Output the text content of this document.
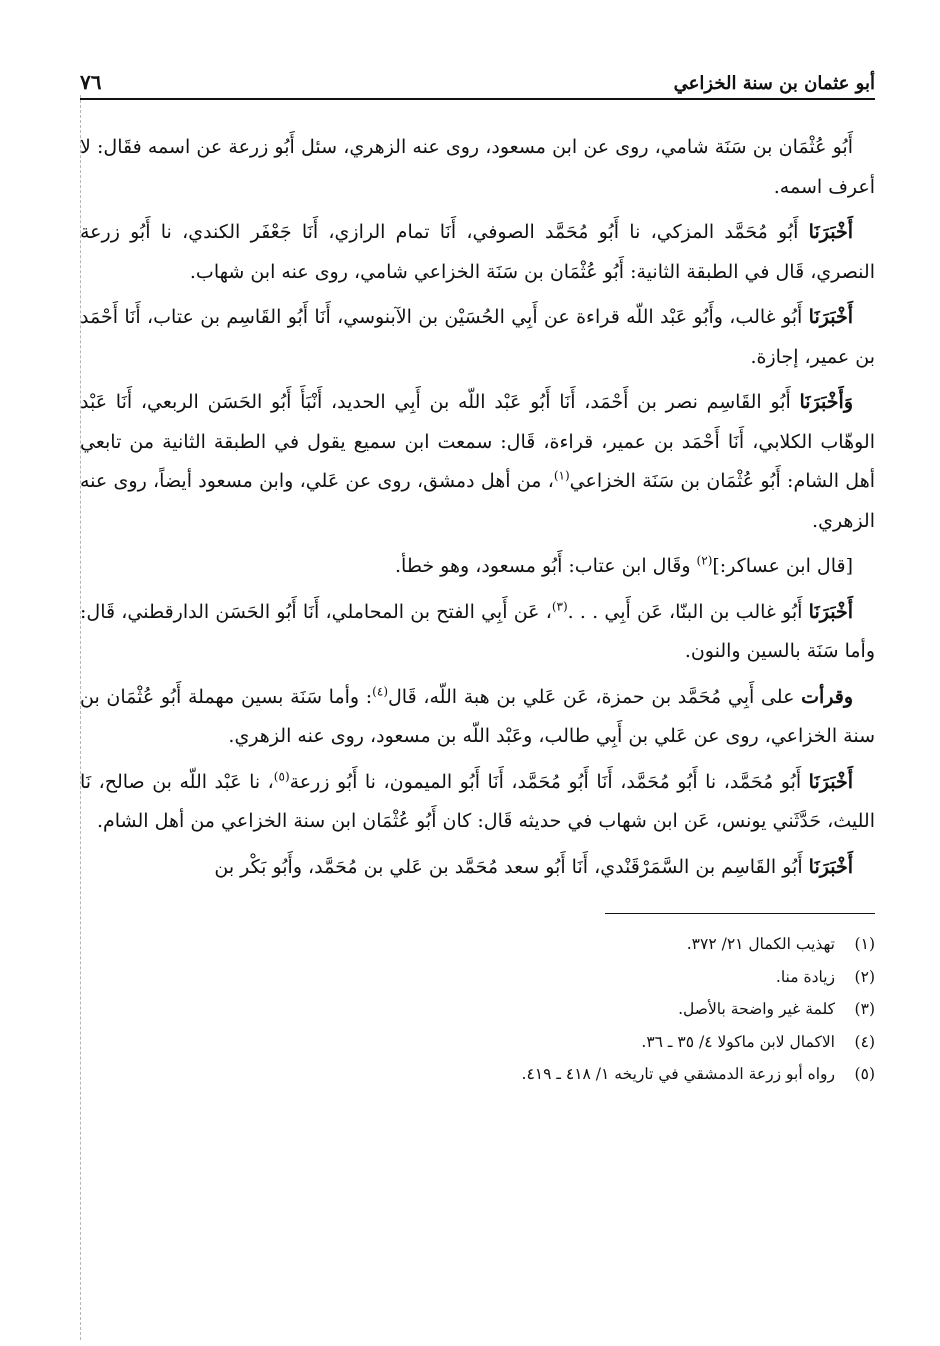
أبو عثمان بن سنة الخزاعي
٧٦

أَبُو عُثْمَان بن سَنَة شامي، روى عن ابن مسعود، روى عنه الزهري، سئل أَبُو زرعة عن اسمه فقَال: لا أعرف اسمه.

أَخْبَرَنَا أَبُو مُحَمَّد المزكي، نا أَبُو مُحَمَّد الصوفي، أَنَا تمام الرازي، أَنَا جَعْفَر الكندي، نا أَبُو زرعة النصري، قَال في الطبقة الثانية: أَبُو عُثْمَان بن سَنَة الخزاعي شامي، روى عنه ابن شهاب.

أَخْبَرَنَا أَبُو غالب، وأَبُو عَبْد اللّه قراءة عن أَبِي الحُسَيْن بن الآبنوسي، أَنَا أَبُو القَاسِم بن عتاب، أَنَا أَحْمَد بن عمير، إجازة.

وَأَخْبَرَنَا أَبُو القَاسِم نصر بن أَحْمَد، أَنَا أَبُو عَبْد اللّه بن أَبِي الحديد، أَنْبَأَ أَبُو الحَسَن الربعي، أَنَا عَبْد الوهّاب الكلابي، أَنَا أَحْمَد بن عمير، قراءة، قَال: سمعت ابن سميع يقول في الطبقة الثانية من تابعي أهل الشام: أَبُو عُثْمَان بن سَنَة الخزاعي$^{(١)}$، من أهل دمشق، روى عن عَلي، وابن مسعود أيضاً، روى عنه الزهري.

[قال ابن عساكر:]$^{(٢)}$ وقَال ابن عتاب: أَبُو مسعود، وهو خطأ.

أَخْبَرَنَا أَبُو غالب بن البنّا، عَن أَبِي . . .$^{(٣)}$، عَن أَبِي الفتح بن المحاملي، أَنَا أَبُو الحَسَن الدارقطني، قَال: وأما سَنَة بالسين والنون.

وقرأت على أَبِي مُحَمَّد بن حمزة، عَن عَلي بن هبة اللّه، قَال$^{(٤)}$: وأما سَنَة بسين مهملة أَبُو عُثْمَان بن سنة الخزاعي، روى عن عَلي بن أَبِي طالب، وعَبْد اللّه بن مسعود، روى عنه الزهري.

أَخْبَرَنَا أَبُو مُحَمَّد، نا أَبُو مُحَمَّد، أَنَا أَبُو مُحَمَّد، أَنَا أَبُو الميمون، نا أَبُو زرعة$^{(٥)}$، نا عَبْد اللّه بن صالح، نَا الليث، حَدَّثَني يونس، عَن ابن شهاب في حديثه قَال: كان أَبُو عُثْمَان ابن سنة الخزاعي من أهل الشام.

أَخْبَرَنَا أَبُو القَاسِم بن السَّمَرْقَنْدي، أَنَا أَبُو سعد مُحَمَّد بن عَلي بن مُحَمَّد، وأَبُو بَكْر بن

(١)
تهذيب الكمال ٢١/ ٣٧٢.
(٢)
زيادة منا.
(٣)
كلمة غير واضحة بالأصل.
(٤)
الاكمال لابن ماكولا ٤/ ٣٥ ـ ٣٦.
(٥)
رواه أبو زرعة الدمشقي في تاريخه ١/ ٤١٨ ـ ٤١٩.
